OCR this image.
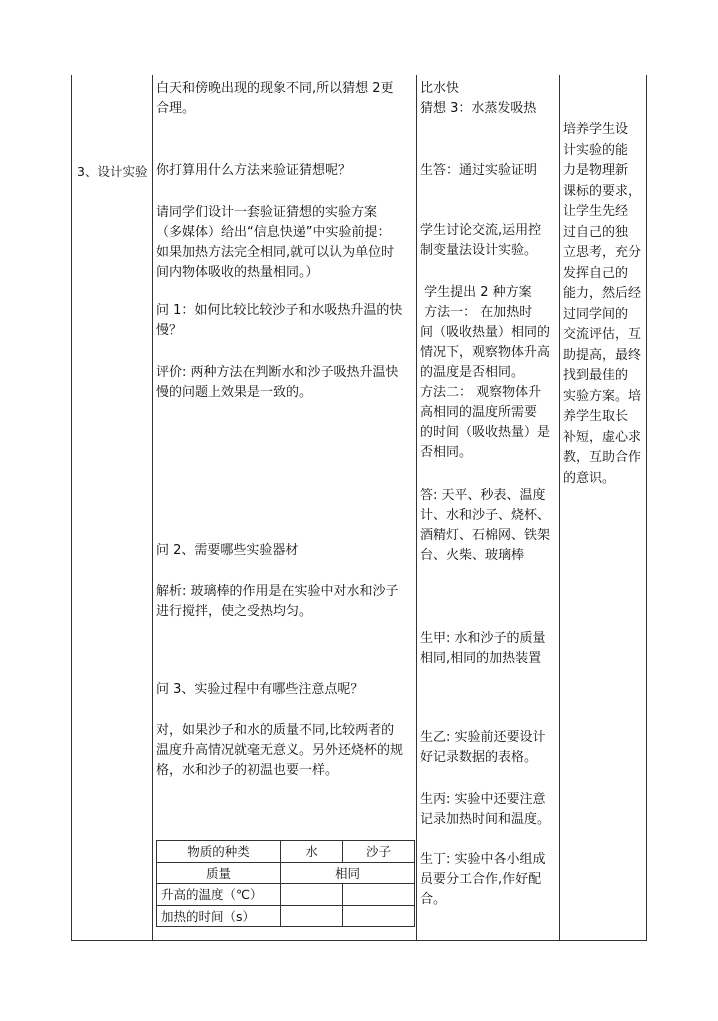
3、设计实验
白天和傍晚出现的现象不同,所以猜想 2更
合理。
你打算用什么方法来验证猜想呢？
请同学们设计一套验证猜想的实验方案
（多媒体）给出“信息快递”中实验前提：
如果加热方法完全相同,就可以认为单位时
间内物体吸收的热量相同。）
问 1：如何比较比较沙子和水吸热升温的快
慢？
评价: 两种方法在判断水和沙子吸热升温快
慢的问题上效果是一致的。
问 2、需要哪些实验器材
解析: 玻璃棒的作用是在实验中对水和沙子
进行搅拌，使之受热均匀。
问 3、实验过程中有哪些注意点呢？
对，如果沙子和水的质量不同,比较两者的
温度升高情况就毫无意义。另外还烧杯的规
格，水和沙子的初温也要一样。
比水快
猜想 3：水蒸发吸热
生答：通过实验证明
学生讨论交流,运用控
制变量法设计实验。
学生提出 2 种方案
方法一： 在加热时
间（吸收热量）相同的
情况下，观察物体升高
的温度是否相同。
方法二： 观察物体升
高相同的温度所需要
的时间（吸收热量）是
否相同。
答: 天平、秒表、温度
计、水和沙子、烧杯、
酒精灯、石棉网、铁架
台、火柴、玻璃棒
生甲: 水和沙子的质量
相同,相同的加热装置
生乙: 实验前还要设计
好记录数据的表格。
生丙: 实验中还要注意
记录加热时间和温度。
生丁: 实验中各小组成
员要分工合作,作好配
合。
培养学生设
计实验的能
力是物理新
课标的要求，
让学生先经
过自己的独
立思考，充分
发挥自己的
能力，然后经
过同学间的
交流评估，互
助提高，最终
找到最佳的
实验方案。培
养学生取长
补短，虚心求
教，互助合作
的意识。
物质的种类	水	沙子
质量	相同	
升高的温度（℃）		
加热的时间（s）		
